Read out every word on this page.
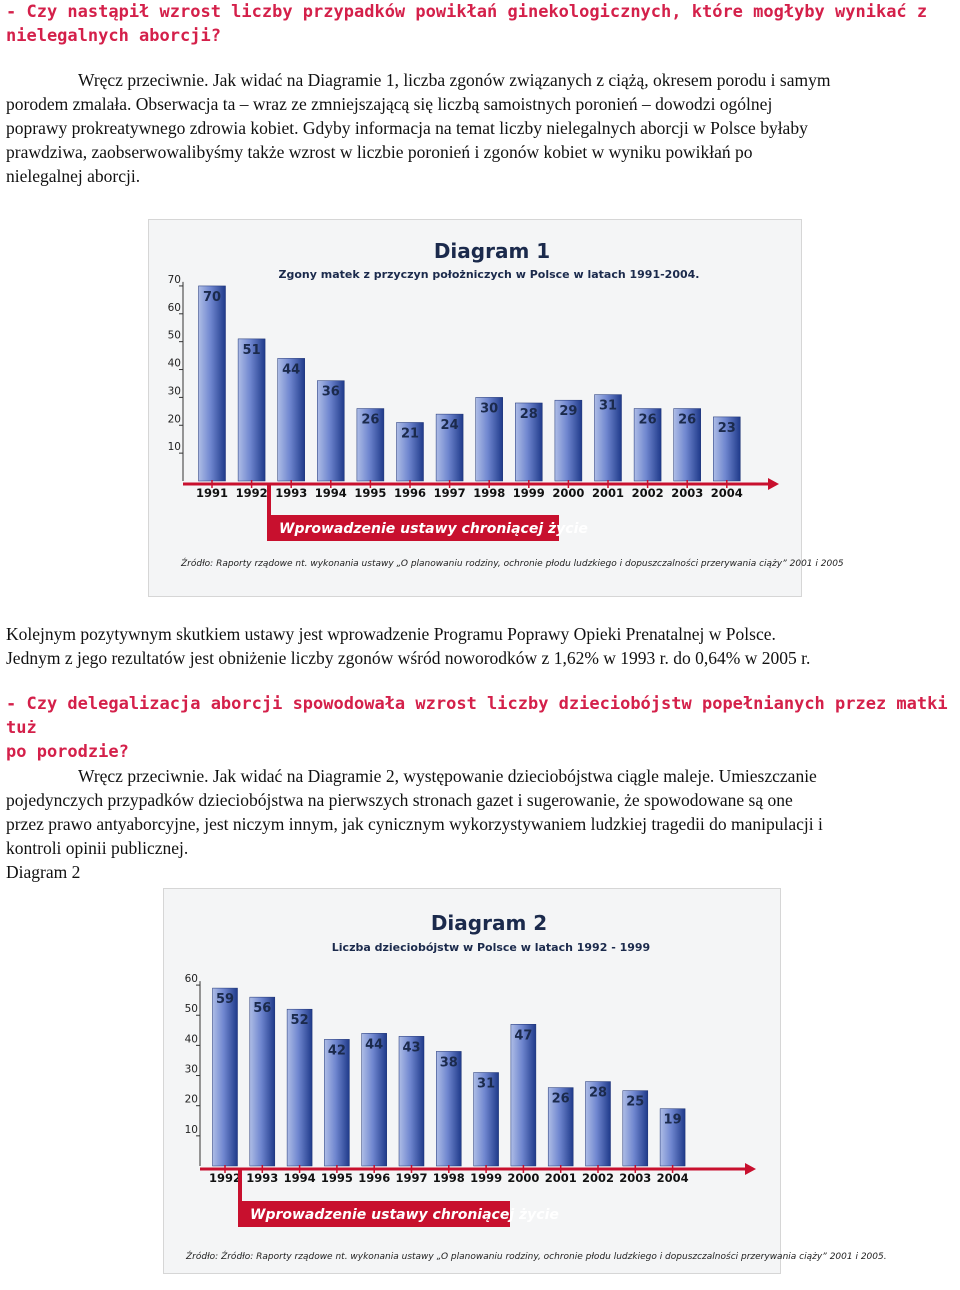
- Czy nastąpił wzrost liczby przypadków powikłań ginekologicznych, które mogłyby wynikać z
nielegalnych aborcji?
Wręcz przeciwnie. Jak widać na Diagramie 1, liczba zgonów związanych z ciążą, okresem porodu i samym
porodem zmalała. Obserwacja ta – wraz ze zmniejszającą się liczbą samoistnych poronień – dowodzi ogólnej
poprawy prokreatywnego zdrowia kobiet. Gdyby informacja na temat liczby nielegalnych aborcji w Polsce byłaby
prawdziwa, zaobserwowalibyśmy także wzrost w liczbie poronień i zgonów kobiet w wyniku powikłań po
nielegalnej aborcji.
Diagram 1
Zgony matek z przyczyn położniczych w Polsce w latach 1991-2004.
70
60
50
40
30
20
10
70
1991
51
1992
44
1993
36
1994
26
1995
21
1996
24
1997
30
1998
28
1999
29
2000
31
2001
26
2002
26
2003
23
2004
Wprowadzenie ustawy chroniącej życie
Źródło: Raporty rządowe nt. wykonania ustawy „O planowaniu rodziny, ochronie płodu ludzkiego i dopuszczalności przerywania ciąży” 2001 i 2005
Kolejnym pozytywnym skutkiem ustawy jest wprowadzenie Programu Poprawy Opieki Prenatalnej w Polsce.
Jednym z jego rezultatów jest obniżenie liczby zgonów wśród noworodków z 1,62% w 1993 r. do 0,64% w 2005 r.
- Czy delegalizacja aborcji spowodowała wzrost liczby dzieciobójstw popełnianych przez matki tuż
po porodzie?
Wręcz przeciwnie. Jak widać na Diagramie 2, występowanie dzieciobójstwa ciągle maleje. Umieszczanie
pojedynczych przypadków dzieciobójstwa na pierwszych stronach gazet i sugerowanie, że spowodowane są one
przez prawo antyaborcyjne, jest niczym innym, jak cynicznym wykorzystywaniem ludzkiej tragedii do manipulacji i
kontroli opinii publicznej.
Diagram 2
Diagram 2
Liczba dzieciobójstw w Polsce w latach 1992 - 1999
60
50
40
30
20
10
59
1992
56
1993
52
1994
42
1995
44
1996
43
1997
38
1998
31
1999
47
2000
26
2001
28
2002
25
2003
19
2004
Wprowadzenie ustawy chroniącej życie
Źródło: Źródło: Raporty rządowe nt. wykonania ustawy „O planowaniu rodziny, ochronie płodu ludzkiego i dopuszczalności przerywania ciąży” 2001 i 2005.
